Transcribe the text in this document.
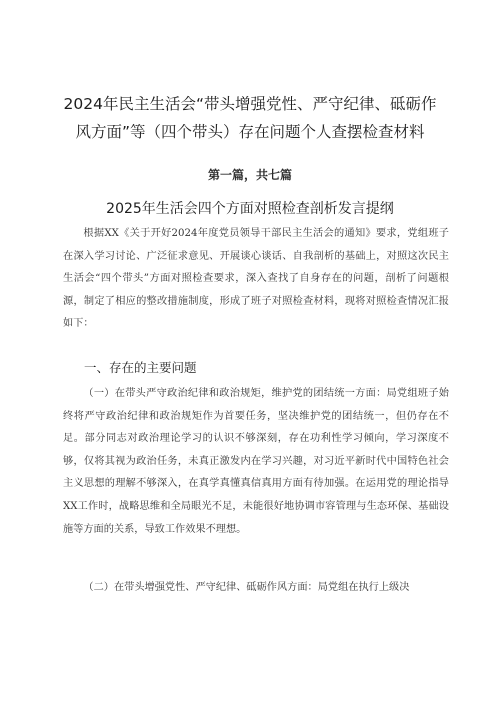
2024年民主生活会“带头增强党性、严守纪律、砥砺作
风方面”等（四个带头）存在问题个人查摆检查材料
第一篇，共七篇
2025年生活会四个方面对照检查剖析发言提纲

根据XX《关于开好2024年度党员领导干部民主生活会的通知》要求，党组班子在深入学习讨论、广泛征求意见、开展谈心谈话、自我剖析的基础上，对照这次民主生活会“四个带头”方面对照检查要求，深入查找了自身存在的问题，剖析了问题根源，制定了相应的整改措施制度，形成了班子对照检查材料，现将对照检查情况汇报如下：

一、存在的主要问题

（一）在带头严守政治纪律和政治规矩，维护党的团结统一方面：局党组班子始终将严守政治纪律和政治规矩作为首要任务，坚决维护党的团结统一，但仍存在不足。部分同志对政治理论学习的认识不够深刻，存在功利性学习倾向，学习深度不够，仅将其视为政治任务，未真正激发内在学习兴趣，对习近平新时代中国特色社会主义思想的理解不够深入，在真学真懂真信真用方面有待加强。在运用党的理论指导XX工作时，战略思维和全局眼光不足，未能很好地协调市容管理与生态环保、基础设施等方面的关系，导致工作效果不理想。

（二）在带头增强党性、严守纪律、砥砺作风方面：局党组在执行上级决
